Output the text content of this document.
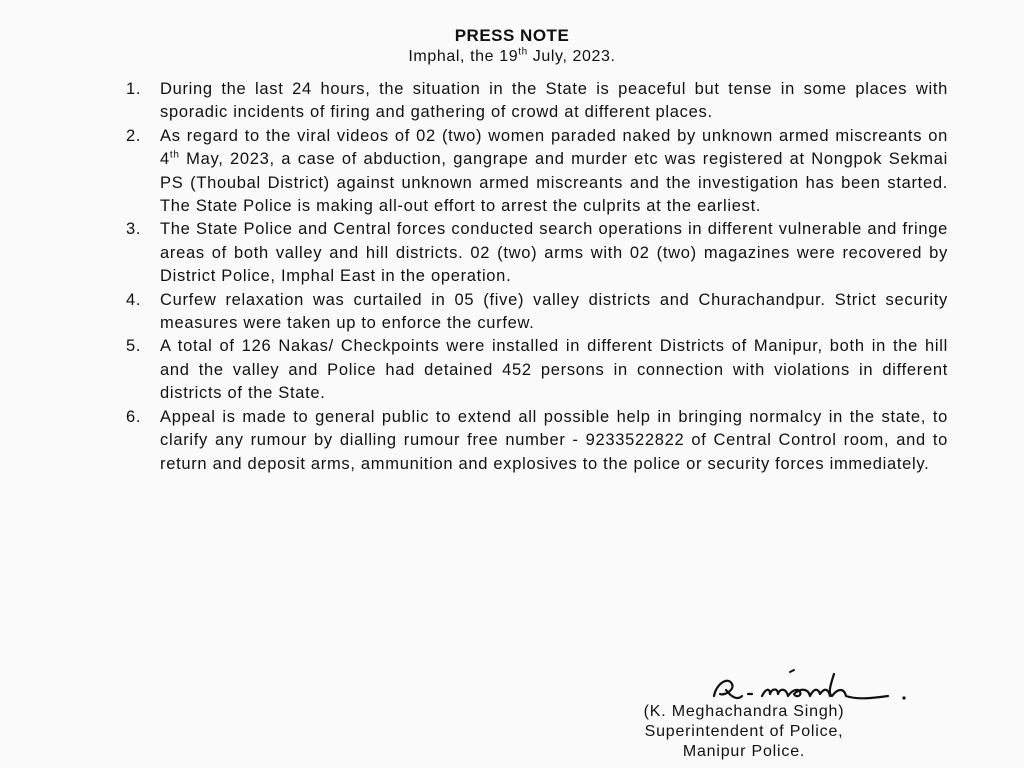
PRESS NOTE
Imphal, the 19th July, 2023.
1.	During the last 24 hours, the situation in the State is peaceful but tense in some places with sporadic incidents of firing and gathering of crowd at different places.
2.	As regard to the viral videos of 02 (two) women paraded naked by unknown armed miscreants on 4th May, 2023, a case of abduction, gangrape and murder etc was registered at Nongpok Sekmai PS (Thoubal District) against unknown armed miscreants and the investigation has been started. The State Police is making all-out effort to arrest the culprits at the earliest.
3.	The State Police and Central forces conducted search operations in different vulnerable and fringe areas of both valley and hill districts. 02 (two) arms with 02 (two) magazines were recovered by District Police, Imphal East in the operation.
4.	Curfew relaxation was curtailed in 05 (five) valley districts and Churachandpur. Strict security measures were taken up to enforce the curfew.
5.	A total of 126 Nakas/ Checkpoints were installed in different Districts of Manipur, both in the hill and the valley and Police had detained 452 persons in connection with violations in different districts of the State.
6.	Appeal is made to general public to extend all possible help in bringing normalcy in the state, to clarify any rumour by dialling rumour free number - 9233522822 of Central Control room, and to return and deposit arms, ammunition and explosives to the police or security forces immediately.
(K. Meghachandra Singh)
Superintendent of Police,
Manipur Police.
